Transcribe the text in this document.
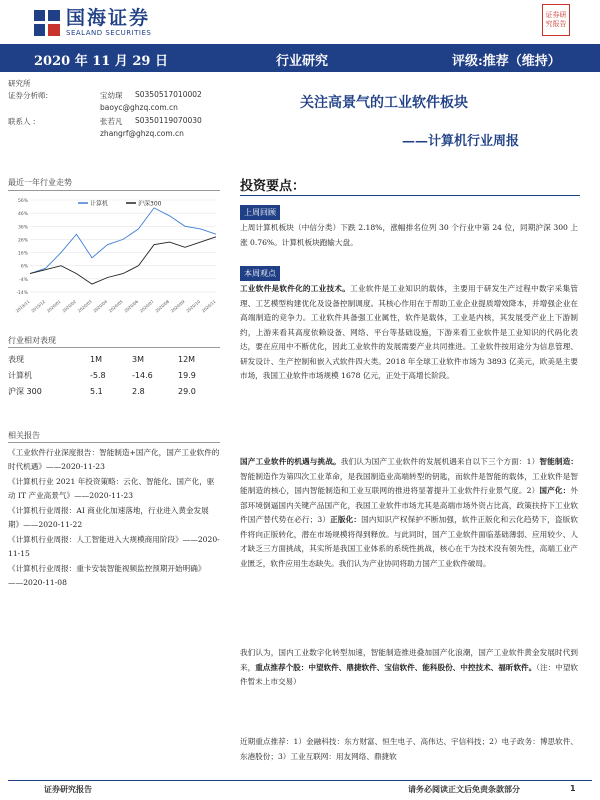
国海证券
SEALAND SECURITIES
证券研究报告
2020 年 11 月 29 日	行业研究	评级:推荐（维持）
研究所
证券分析师:	宝幼琛 S0350517010002
baoyc@ghzq.com.cn
联系人 :	张若凡 S0350119070030
zhangrf@ghzq.com.cn
关注高景气的工业软件板块
——计算机行业周报
最近一年行业走势
56%
46%
36%
26%
16%
6%
-4%
-14%
2019/11 2019/12 2020/01 2020/02 2020/03 2020/04 2020/05 2020/06 2020/07 2020/08 2020/09 2020/10 2020/11
计算机	沪深300
行业相对表现
表现	1M	3M	12M
计算机	-5.8	-14.6	19.9
沪深 300	5.1	2.8	29.0
相关报告
《工业软件行业深度报告：智能制造+国产化，国产工业软件的时代机遇》——2020-11-23
《计算机行业 2021 年投资策略：云化、智能化、国产化，驱动 IT 产业高景气》——2020-11-23
《计算机行业周报：AI 商业化加速落地，行业进入黄金发展期》——2020-11-22
《计算机行业周报：人工智能进入大规模商用阶段》——2020-11-15
《计算机行业周报：重卡安装智能视频监控预期开始明确》——2020-11-08
投资要点：
上周回顾
上周计算机板块（中信分类）下跌 2.18%，涨幅排名位列 30 个行业中第 24 位，同期沪深 300 上涨 0.76%。计算机板块跑输大盘。
本周观点
工业软件是软件化的工业技术。工业软件是工业知识的载体，主要用于研发生产过程中数字采集管理、工艺模型构建优化及设备控制调度。其核心作用在于帮助工业企业提质增效降本，并增强企业在高端制造的竞争力。工业软件具备强工业属性，软件是载体，工业是内核，其发展受产业上下游制约，上游来看其高度依赖设备、网络、平台等基础设施，下游来看工业软件是工业知识的代码化表达，要在应用中不断优化，因此工业软件的发展需要产业共同推进。工业软件按用途分为信息管理、研发设计、生产控制和嵌入式软件四大类。2018 年全球工业软件市场为 3893 亿美元，欧美是主要市场，我国工业软件市场规模 1678 亿元，正处于高增长阶段。
国产工业软件的机遇与挑战。我们认为国产工业软件的发展机遇来自以下三个方面：1）智能制造：智能制造作为第四次工业革命，是我国制造业高端转型的钥匙，而软件是智能的载体，工业软件是智能制造的核心，国内智能制造和工业互联网的推进将显著提升工业软件行业景气度。2）国产化：外部环境倒逼国内关键产品国产化，我国工业软件市场尤其是高端市场外资占比高，政策扶持下工业软件国产替代势在必行；3）正版化：国内知识产权保护不断加强，软件正版化和云化趋势下，盗版软件将向正版转化，潜在市场规模将得到释放。与此同时，国产工业软件面临基础薄弱、应用较少、人才缺乏三方面挑战，其实所是我国工业体系的系统性挑战，核心在于为技术没有领先性，高端工业产业匮乏，软件应用生态缺失。我们认为产业协同将助力国产工业软件破局。
我们认为，国内工业数字化转型加速，智能制造推进叠加国产化浪潮，国产工业软件黄金发展时代到来，重点推荐个股：中望软件、鼎捷软件、宝信软件、能科股份、中控技术、福昕软件。（注：中望软件暂未上市交易）
近期重点推荐：1）金融科技：东方财富、恒生电子、高伟达、宇信科技；2）电子政务：博思软件、东港股份；3）工业互联网：用友网络、鼎捷软
证券研究报告	请务必阅读正文后免责条款部分	1
